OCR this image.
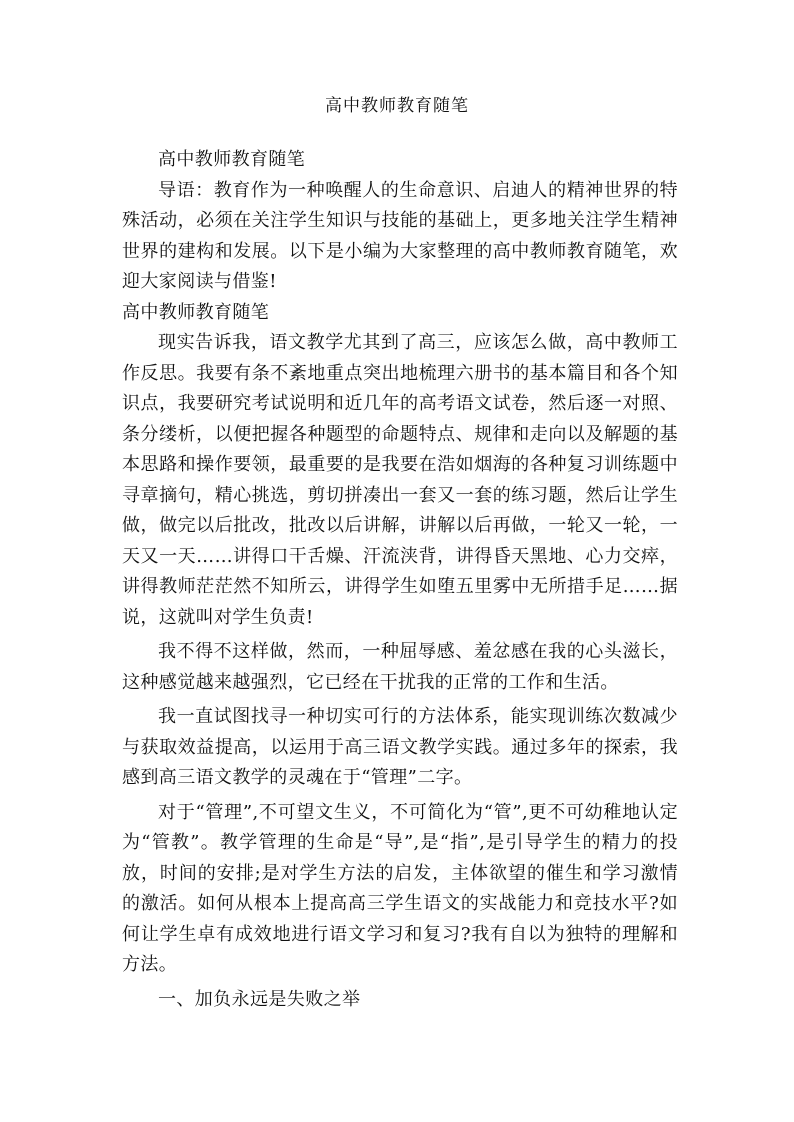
高中教师教育随笔

高中教师教育随笔

导语：教育作为一种唤醒人的生命意识、启迪人的精神世界的特殊活动，必须在关注学生知识与技能的基础上，更多地关注学生精神世界的建构和发展。以下是小编为大家整理的高中教师教育随笔，欢迎大家阅读与借鉴!

高中教师教育随笔

现实告诉我，语文教学尤其到了高三，应该怎么做，高中教师工作反思。我要有条不紊地重点突出地梳理六册书的基本篇目和各个知识点，我要研究考试说明和近几年的高考语文试卷，然后逐一对照、条分缕析，以便把握各种题型的命题特点、规律和走向以及解题的基本思路和操作要领，最重要的是我要在浩如烟海的各种复习训练题中寻章摘句，精心挑选，剪切拼凑出一套又一套的练习题，然后让学生做，做完以后批改，批改以后讲解，讲解以后再做，一轮又一轮，一天又一天……讲得口干舌燥、汗流浃背，讲得昏天黑地、心力交瘁，讲得教师茫茫然不知所云，讲得学生如堕五里雾中无所措手足……据说，这就叫对学生负责!

我不得不这样做，然而，一种屈辱感、羞忿感在我的心头滋长，这种感觉越来越强烈，它已经在干扰我的正常的工作和生活。

我一直试图找寻一种切实可行的方法体系，能实现训练次数减少与获取效益提高，以运用于高三语文教学实践。通过多年的探索，我感到高三语文教学的灵魂在于“管理”二字。

对于“管理”,不可望文生义，不可简化为“管”,更不可幼稚地认定为“管教”。教学管理的生命是“导”,是“指”,是引导学生的精力的投放，时间的安排;是对学生方法的启发，主体欲望的催生和学习激情的激活。如何从根本上提高高三学生语文的实战能力和竞技水平?如何让学生卓有成效地进行语文学习和复习?我有自以为独特的理解和方法。

一、加负永远是失败之举
